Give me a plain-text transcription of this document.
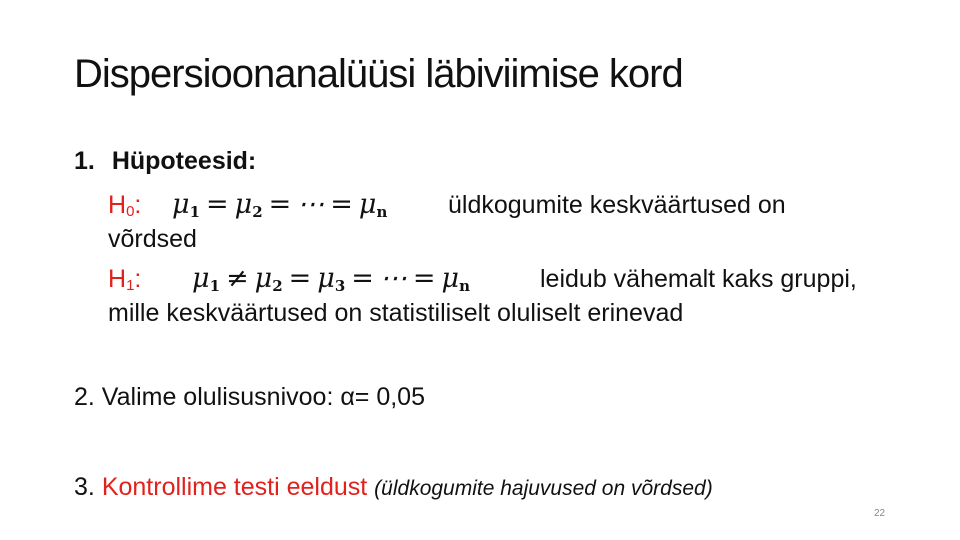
Dispersioonanalüüsi läbiviimise kord
1. Hüpoteesid:
H0: $\mu_1 = \mu_2$ = ⋯ = $\mu_n$ üldkogumite keskväärtused on
võrdsed
H1: $\mu_1 \ne \mu_2 = \mu_3$ = ⋯ = $\mu_n$	leidub vähemalt kaks gruppi,
mille keskväärtused on statistiliselt oluliselt erinevad
2. Valime olulisusnivoo: α= 0,05
3. Kontrollime testi eeldust (üldkogumite hajuvused on võrdsed)
22
